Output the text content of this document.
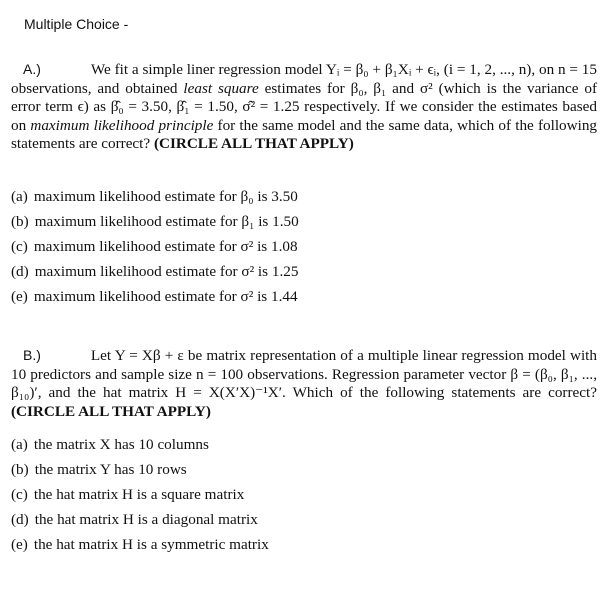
Multiple Choice -
A.)	We fit a simple liner regression model Yᵢ = β₀ + β₁Xᵢ + ϵᵢ, (i = 1, 2, ..., n), on n = 15 observations, and obtained least square estimates for β₀, β₁ and σ² (which is the variance of error term ϵ) as β̂₀ = 3.50, β̂₁ = 1.50, σ̂² = 1.25 respectively. If we consider the estimates based on maximum likelihood principle for the same model and the same data, which of the following statements are correct? (CIRCLE ALL THAT APPLY)
(a) maximum likelihood estimate for β₀ is 3.50
(b) maximum likelihood estimate for β₁ is 1.50
(c) maximum likelihood estimate for σ² is 1.08
(d) maximum likelihood estimate for σ² is 1.25
(e) maximum likelihood estimate for σ² is 1.44
B.)	Let Y = Xβ + ε be matrix representation of a multiple linear regression model with 10 predictors and sample size n = 100 observations. Regression parameter vector β = (β₀, β₁, ..., β₁₀)′, and the hat matrix H = X(X′X)⁻¹X′. Which of the following statements are correct? (CIRCLE ALL THAT APPLY)
(a) the matrix X has 10 columns
(b) the matrix Y has 10 rows
(c) the hat matrix H is a square matrix
(d) the hat matrix H is a diagonal matrix
(e) the hat matrix H is a symmetric matrix
